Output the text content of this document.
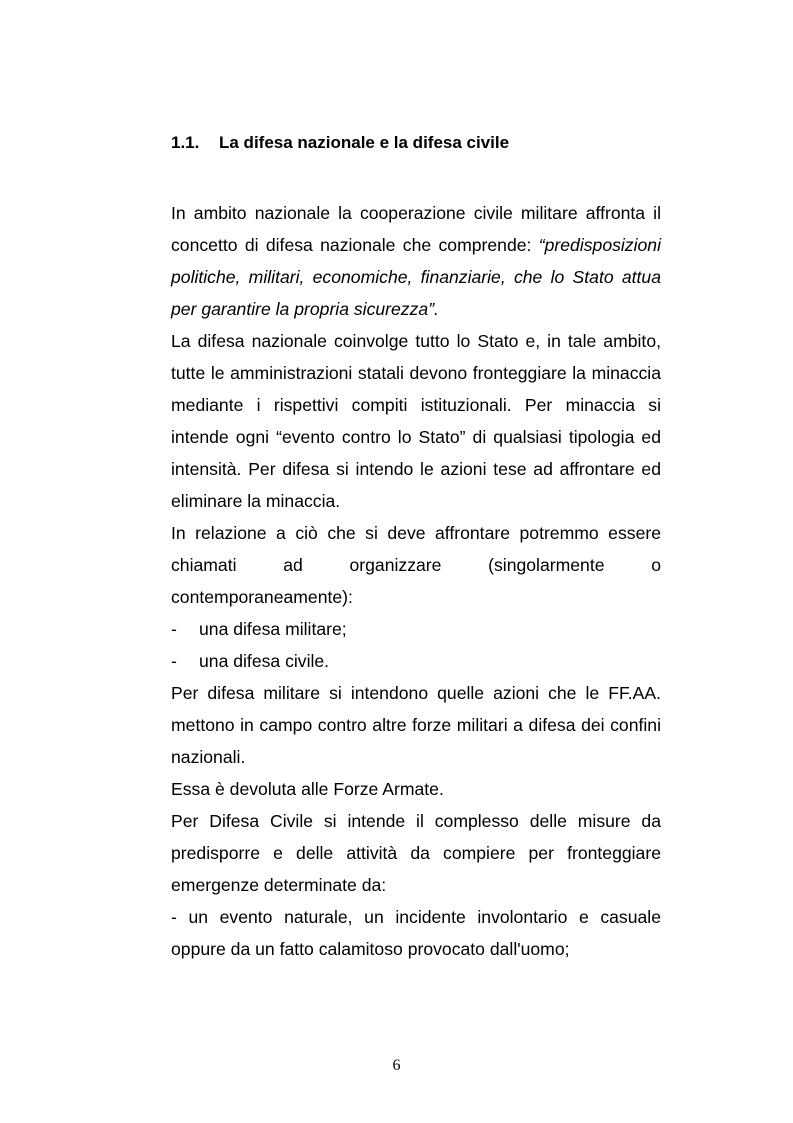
1.1. La difesa nazionale e la difesa civile

In ambito nazionale la cooperazione civile militare affronta il concetto di difesa nazionale che comprende: “predisposizioni politiche, militari, economiche, finanziarie, che lo Stato attua per garantire la propria sicurezza”.

La difesa nazionale coinvolge tutto lo Stato e, in tale ambito, tutte le amministrazioni statali devono fronteggiare la minaccia mediante i rispettivi compiti istituzionali. Per minaccia si intende ogni “evento contro lo Stato” di qualsiasi tipologia ed intensità. Per difesa si intendo le azioni tese ad affrontare ed eliminare la minaccia.

In relazione a ciò che si deve affrontare potremmo essere
chiamati ad organizzare (singolarmente o
contemporaneamente):

-	una difesa militare;
-	una difesa civile.

Per difesa militare si intendono quelle azioni che le FF.AA. mettono in campo contro altre forze militari a difesa dei confini nazionali.

Essa è devoluta alle Forze Armate.

Per Difesa Civile si intende il complesso delle misure da predisporre e delle attività da compiere per fronteggiare emergenze determinate da:

- un evento naturale, un incidente involontario e casuale oppure da un fatto calamitoso provocato dall'uomo;

6
